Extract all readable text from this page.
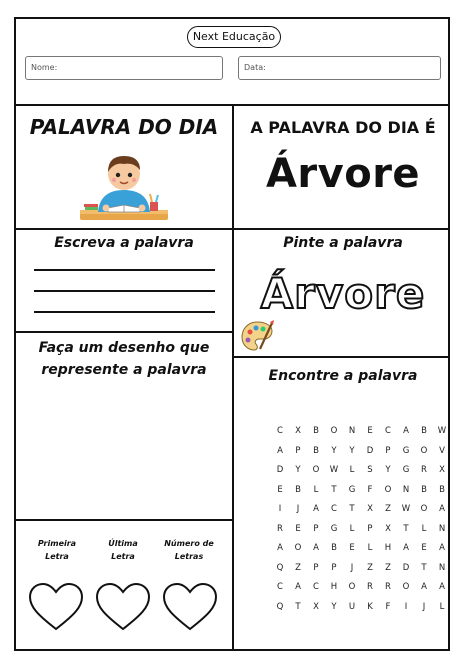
Next Educação
Nome:	Data:
PALAVRA DO DIA	A PALAVRA DO DIA É
Árvore
Escreva a palavra	Pinte a palavra
Árvore
Faça um desenho que
represente a palavra	Encontre a palavra
C	X	B	O	N	E	C	A	B	W
A	P	B	Y	Y	D	P	G	O	V
D	Y	O	W	L	S	Y	G	R	X
E	B	L	T	G	F	O	N	B	B
I	J	A	C	T	X	Z	W	O	A
R	E	P	G	L	P	X	T	L	N
A	O	A	B	E	L	H	A	E	A
Q	Z	P	P	J	Z	Z	D	T	N
C	A	C	H	O	R	R	O	A	A
Q	T	X	Y	U	K	F	I	J	L
Primeira
Letra
Última
Letra
Número de
Letras
